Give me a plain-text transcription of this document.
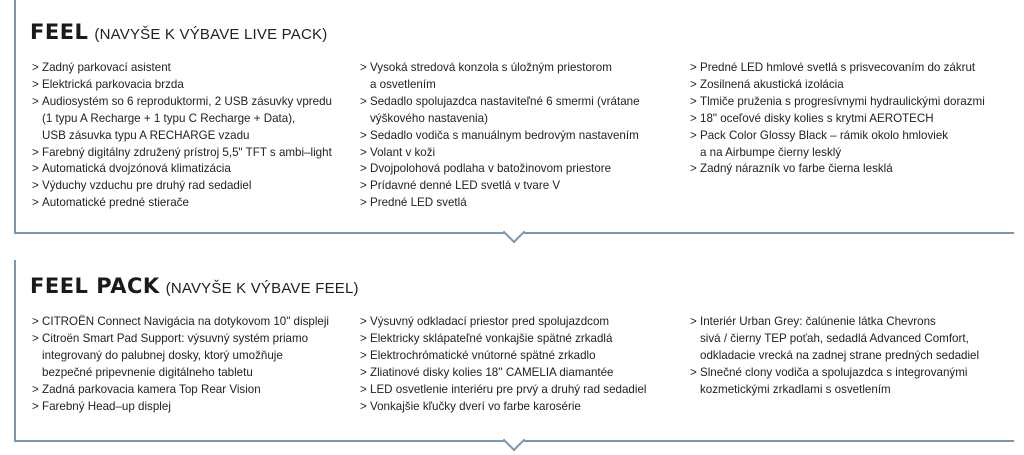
FEEL (NAVYŠE K VÝBAVE LIVE PACK)
> Zadný parkovací asistent
> Elektrická parkovacia brzda
> Audiosystém so 6 reproduktormi, 2 USB zásuvky vpredu
(1 typu A Recharge + 1 typu C Recharge + Data),
USB zásuvka typu A RECHARGE vzadu
> Farebný digitálny združený prístroj 5,5" TFT s ambi–light
> Automatická dvojzónová klimatizácia
> Výduchy vzduchu pre druhý rad sedadiel
> Automatické predné stierače
> Vysoká stredová konzola s úložným priestorom
a osvetlením
> Sedadlo spolujazdca nastaviteľné 6 smermi (vrátane
výškového nastavenia)
> Sedadlo vodiča s manuálnym bedrovým nastavením
> Volant v koži
> Dvojpolohová podlaha v batožinovom priestore
> Prídavné denné LED svetlá v tvare V
> Predné LED svetlá
> Predné LED hmlové svetlá s prisvecovaním do zákrut
> Zosilnená akustická izolácia
> Tlmiče pruženia s progresívnymi hydraulickými dorazmi
> 18" oceľové disky kolies s krytmi AEROTECH
> Pack Color Glossy Black – rámik okolo hmloviek
a na Airbumpe čierny lesklý
> Zadný nárazník vo farbe čierna lesklá
FEEL PACK (NAVYŠE K VÝBAVE FEEL)
> CITROËN Connect Navigácia na dotykovom 10" displeji
> Citroën Smart Pad Support: výsuvný systém priamo
integrovaný do palubnej dosky, ktorý umožňuje
bezpečné pripevnenie digitálneho tabletu
> Zadná parkovacia kamera Top Rear Vision
> Farebný Head–up displej
> Výsuvný odkladací priestor pred spolujazdcom
> Elektricky sklápateľné vonkajšie spätné zrkadlá
> Elektrochrómatické vnútorné spätné zrkadlo
> Zliatinové disky kolies 18'' CAMELIA diamantée
> LED osvetlenie interiéru pre prvý a druhý rad sedadiel
> Vonkajšie kľučky dverí vo farbe karosérie
> Interiér Urban Grey: čalúnenie látka Chevrons
sivá / čierny TEP poťah, sedadlá Advanced Comfort,
odkladacie vrecká na zadnej strane predných sedadiel
> Slnečné clony vodiča a spolujazdca s integrovanými
kozmetickými zrkadlami s osvetlením
